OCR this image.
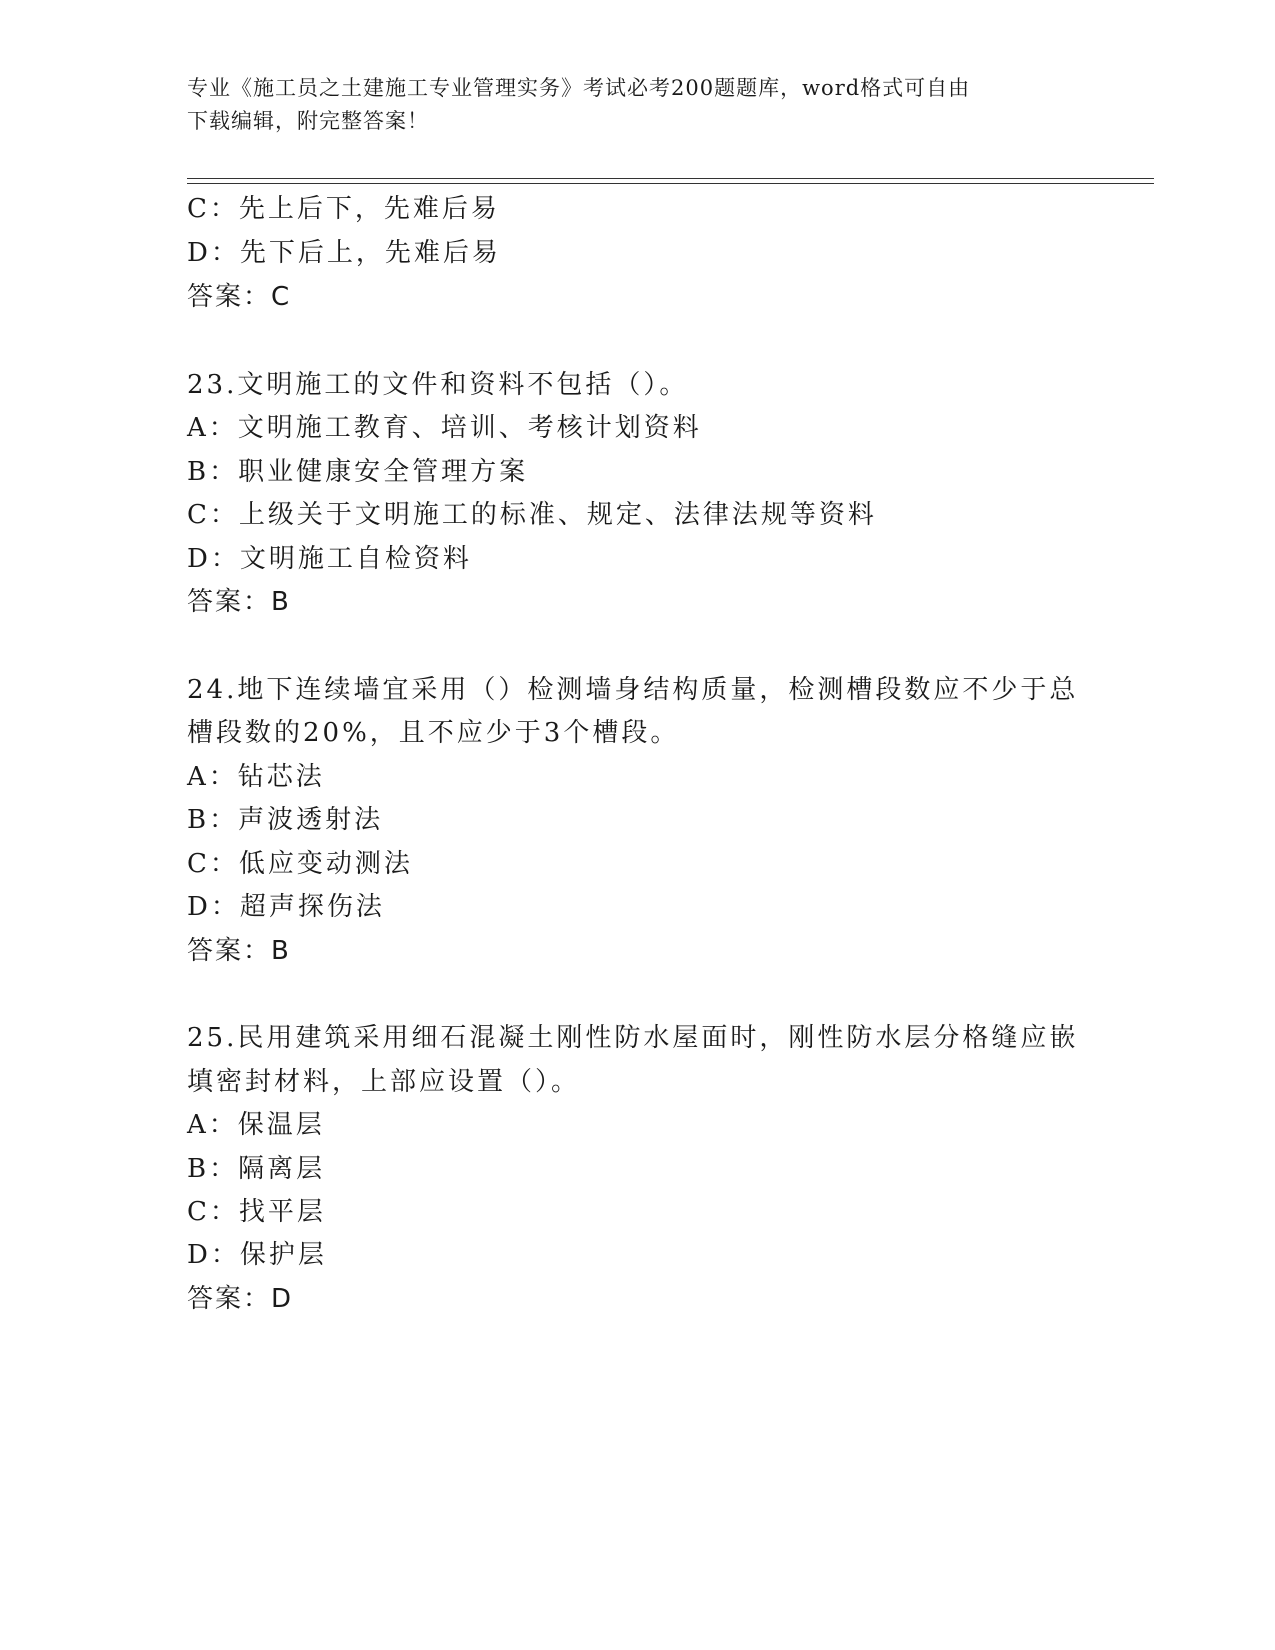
专业《施工员之土建施工专业管理实务》考试必考200题题库，word格式可自由
下载编辑，附完整答案！
C：先上后下，先难后易
D：先下后上，先难后易
答案：C
23.文明施工的文件和资料不包括（）。
A：文明施工教育、培训、考核计划资料
B：职业健康安全管理方案
C：上级关于文明施工的标准、规定、法律法规等资料
D：文明施工自检资料
答案：B
24.地下连续墙宜采用（）检测墙身结构质量，检测槽段数应不少于总
槽段数的20%，且不应少于3个槽段。
A：钻芯法
B：声波透射法
C：低应变动测法
D：超声探伤法
答案：B
25.民用建筑采用细石混凝土刚性防水屋面时，刚性防水层分格缝应嵌
填密封材料，上部应设置（）。
A：保温层
B：隔离层
C：找平层
D：保护层
答案：D
